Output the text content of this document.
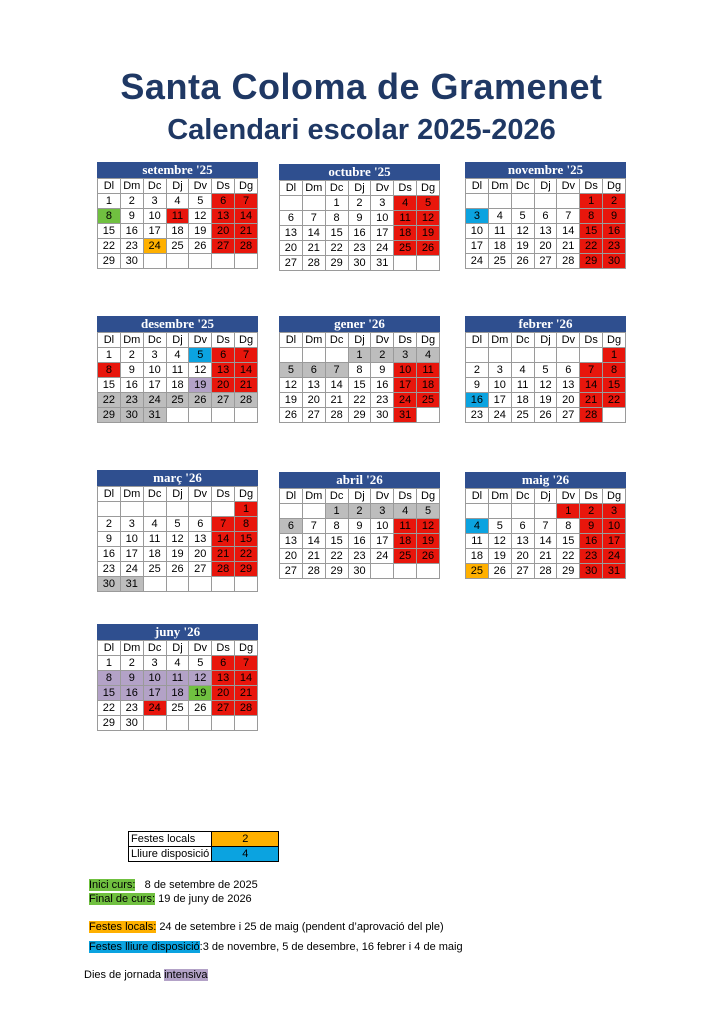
Santa Coloma de Gramenet
Calendari escolar 2025-2026
setembre '25
Dl	Dm	Dc	Dj	Dv	Ds	Dg
1	2	3	4	5	6	7
8	9	10	11	12	13	14
15	16	17	18	19	20	21
22	23	24	25	26	27	28
29	30					
octubre '25
Dl	Dm	Dc	Dj	Dv	Ds	Dg
		1	2	3	4	5
6	7	8	9	10	11	12
13	14	15	16	17	18	19
20	21	22	23	24	25	26
27	28	29	30	31		
novembre '25
Dl	Dm	Dc	Dj	Dv	Ds	Dg
					1	2
3	4	5	6	7	8	9
10	11	12	13	14	15	16
17	18	19	20	21	22	23
24	25	26	27	28	29	30
desembre '25
Dl	Dm	Dc	Dj	Dv	Ds	Dg
1	2	3	4	5	6	7
8	9	10	11	12	13	14
15	16	17	18	19	20	21
22	23	24	25	26	27	28
29	30	31				
gener '26
Dl	Dm	Dc	Dj	Dv	Ds	Dg
			1	2	3	4
5	6	7	8	9	10	11
12	13	14	15	16	17	18
19	20	21	22	23	24	25
26	27	28	29	30	31	
febrer '26
Dl	Dm	Dc	Dj	Dv	Ds	Dg
						1
2	3	4	5	6	7	8
9	10	11	12	13	14	15
16	17	18	19	20	21	22
23	24	25	26	27	28	
març '26
Dl	Dm	Dc	Dj	Dv	Ds	Dg
						1
2	3	4	5	6	7	8
9	10	11	12	13	14	15
16	17	18	19	20	21	22
23	24	25	26	27	28	29
30	31					
abril '26
Dl	Dm	Dc	Dj	Dv	Ds	Dg
		1	2	3	4	5
6	7	8	9	10	11	12
13	14	15	16	17	18	19
20	21	22	23	24	25	26
27	28	29	30			
maig '26
Dl	Dm	Dc	Dj	Dv	Ds	Dg
				1	2	3
4	5	6	7	8	9	10
11	12	13	14	15	16	17
18	19	20	21	22	23	24
25	26	27	28	29	30	31
juny '26
Dl	Dm	Dc	Dj	Dv	Ds	Dg
1	2	3	4	5	6	7
8	9	10	11	12	13	14
15	16	17	18	19	20	21
22	23	24	25	26	27	28
29	30					
Festes locals	2
Lliure disposició	4
Inici curs: 8 de setembre de 2025
Final de curs: 19 de juny de 2026
Festes locals: 24 de setembre i 25 de maig (pendent d’aprovació del ple)
Festes lliure disposició:3 de novembre, 5 de desembre, 16 febrer i 4 de maig
Dies de jornada intensiva
